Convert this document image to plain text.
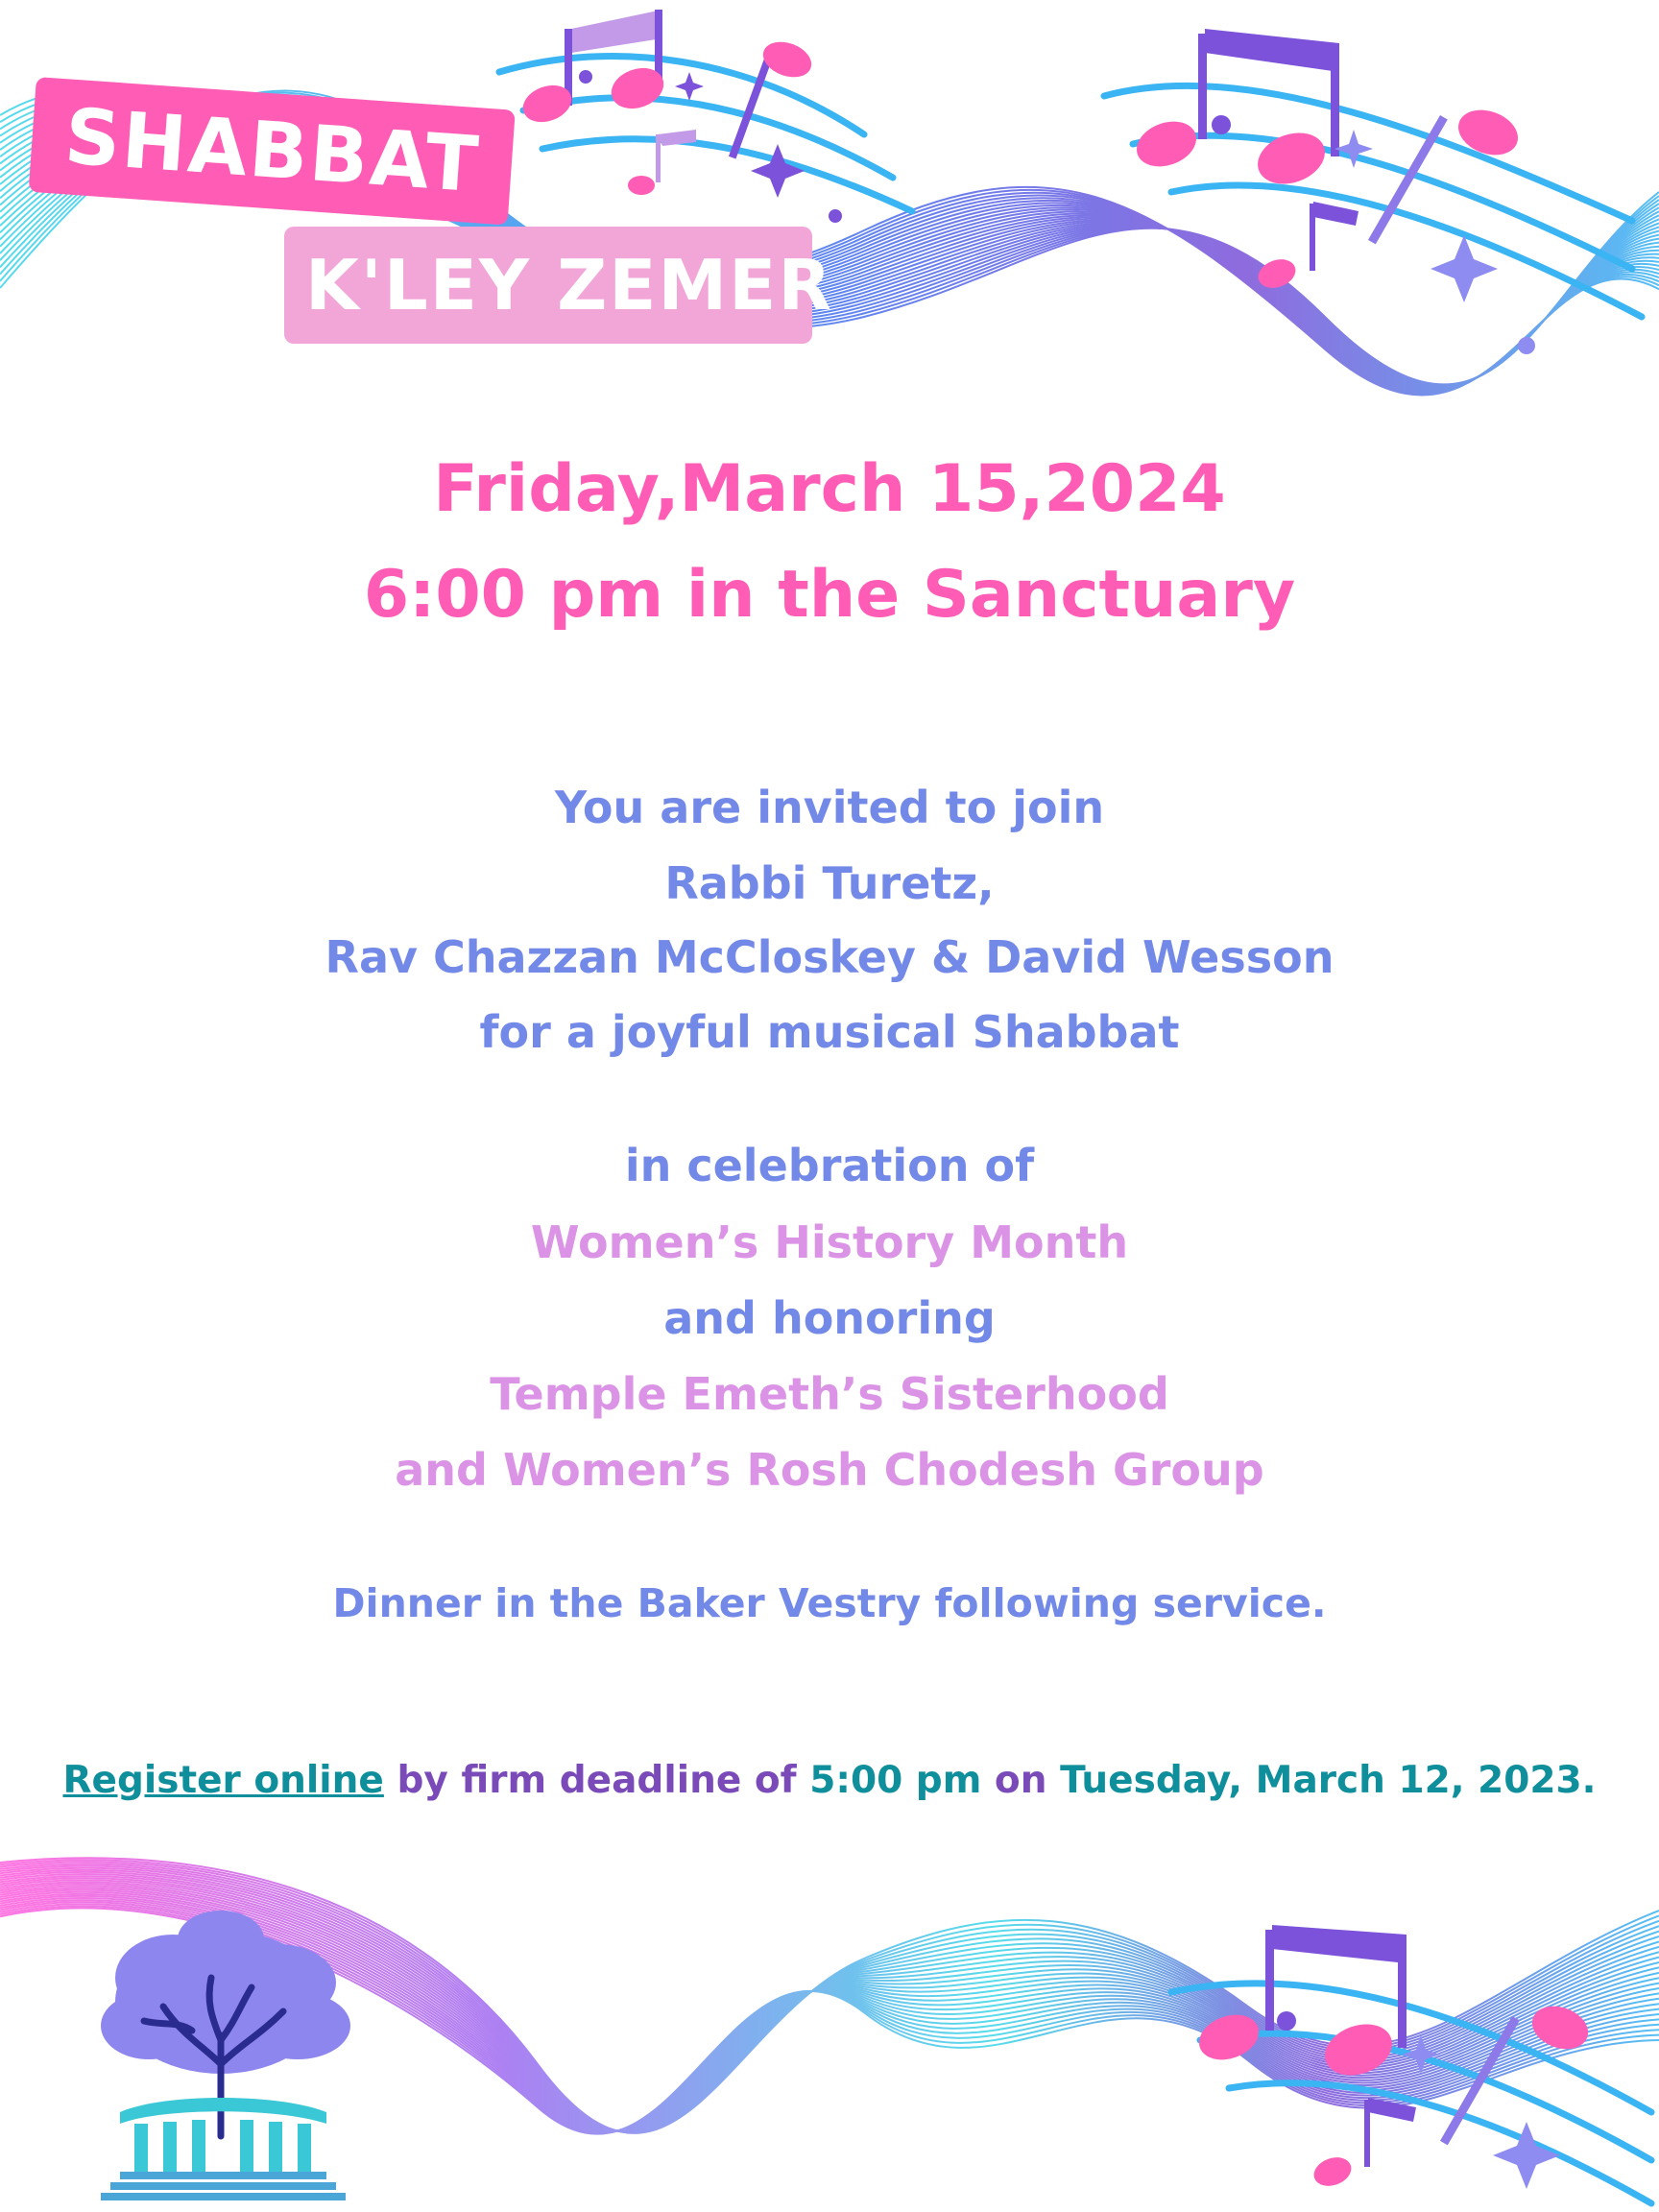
SHABBAT
K'LEY ZEMER
Friday,March 15,2024
6:00 pm in the Sanctuary
You are invited to join
Rabbi Turetz,
Rav Chazzan McCloskey & David Wesson
for a joyful musical Shabbat
in celebration of
Women’s History Month
and honoring
Temple Emeth’s Sisterhood
and Women’s Rosh Chodesh Group
Dinner in the Baker Vestry following service.
Register online by firm deadline of 5:00 pm on Tuesday, March 12, 2023.
